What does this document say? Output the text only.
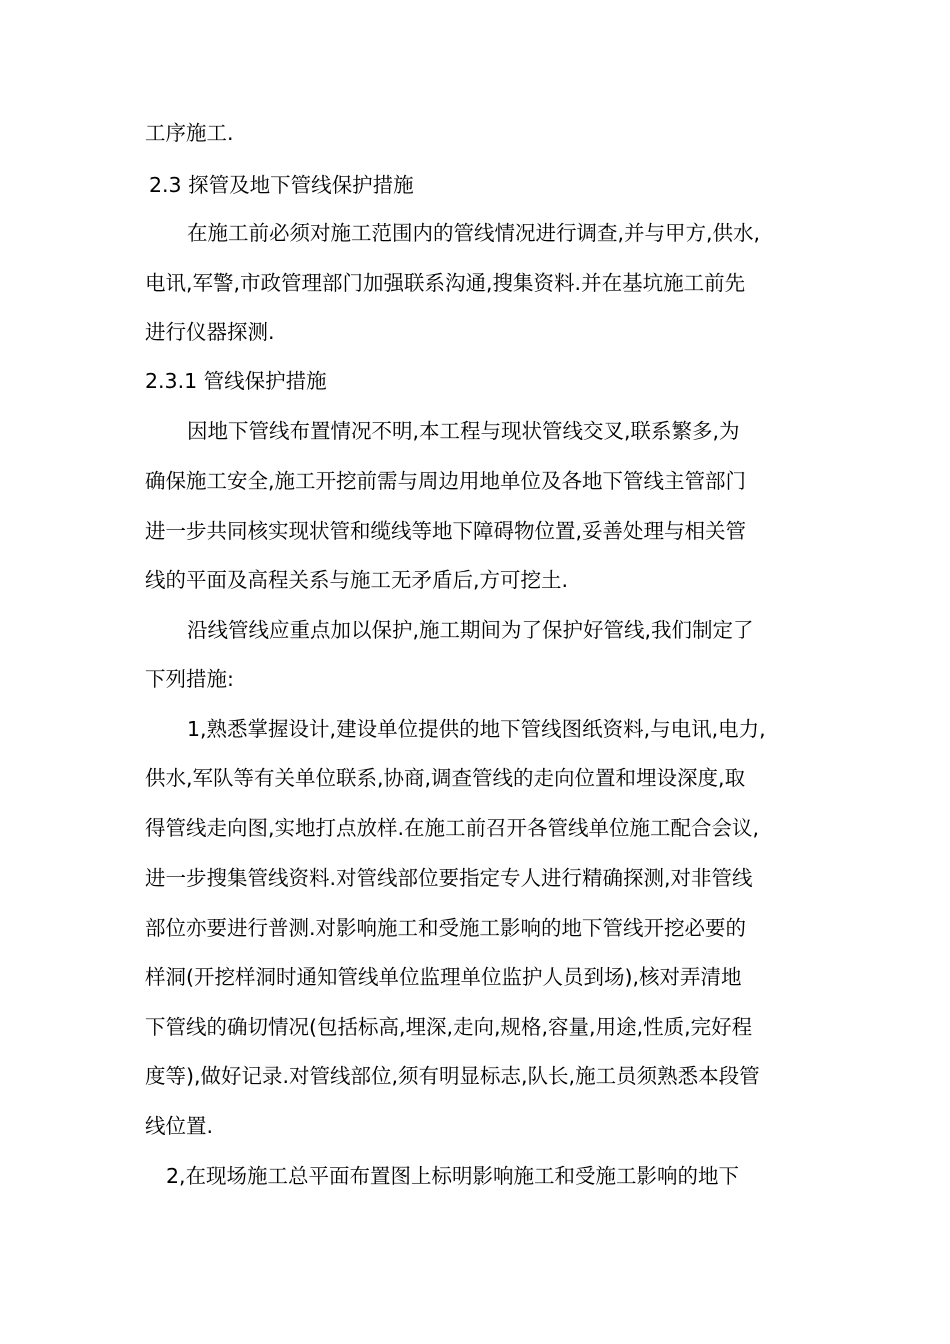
工序施工.

2.3 探管及地下管线保护措施

在施工前必须对施工范围内的管线情况进行调查,并与甲方,供水,

电讯,军警,市政管理部门加强联系沟通,搜集资料.并在基坑施工前先

进行仪器探测.

2.3.1 管线保护措施

因地下管线布置情况不明,本工程与现状管线交叉,联系繁多,为

确保施工安全,施工开挖前需与周边用地单位及各地下管线主管部门

进一步共同核实现状管和缆线等地下障碍物位置,妥善处理与相关管

线的平面及高程关系与施工无矛盾后,方可挖土.

沿线管线应重点加以保护,施工期间为了保护好管线,我们制定了

下列措施:

1,熟悉掌握设计,建设单位提供的地下管线图纸资料,与电讯,电力,

供水,军队等有关单位联系,协商,调查管线的走向位置和埋设深度,取

得管线走向图,实地打点放样.在施工前召开各管线单位施工配合会议,

进一步搜集管线资料.对管线部位要指定专人进行精确探测,对非管线

部位亦要进行普测.对影响施工和受施工影响的地下管线开挖必要的

样洞(开挖样洞时通知管线单位监理单位监护人员到场),核对弄清地

下管线的确切情况(包括标高,埋深,走向,规格,容量,用途,性质,完好程

度等),做好记录.对管线部位,须有明显标志,队长,施工员须熟悉本段管

线位置.

2,在现场施工总平面布置图上标明影响施工和受施工影响的地下
